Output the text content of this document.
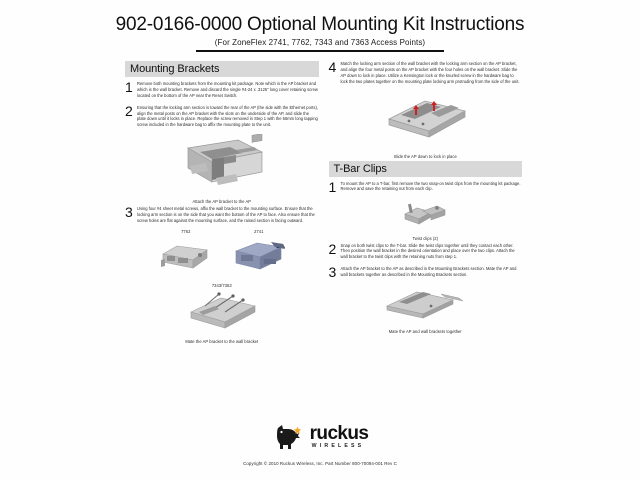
902-0166-0000 Optional Mounting Kit Instructions
(For ZoneFlex 2741, 7762, 7343 and 7363 Access Points)
Mounting Brackets
1	Remove both mounting brackets from the mounting kit package. Note which is the AP bracket and which is the wall bracket. Remove and discard the single #4-24 x .3125" long cover retaining screw located on the bottom of the AP near the Reset Switch.
2	Ensuring that the locking arm section is toward the rear of the AP (the side with the Ethernet ports), align the metal posts on the AP bracket with the slots on the underside of the AP, and slide the plate down until it locks in place. Replace the screw removed in Step 1 with the 56mm long tapping screw included in the hardware bag to affix the mounting plate to the unit.
Attach the AP bracket to the AP
3	Using four #4 sheet metal screws, affix the wall bracket to the mounting surface. Ensure that the locking arm section is on the side that you want the bottom of the AP to face. Also ensure that the screw holes are flat against the mounting surface, and the raised section is facing outward.
7762	2741
7343/7363
Mate the AP bracket to the wall bracket
4	Match the locking arm section of the wall bracket with the locking arm section on the AP bracket, and align the four metal posts on the AP bracket with the four holes on the wall bracket. Slide the AP down to lock in place. Utilize a Kensington lock or the knurled screw in the hardware bag to lock the two plates together on the mounting plate locking arm protruding from the side of the unit.
Slide the AP down to lock in place
T-Bar Clips
1	To mount the AP to a T-bar, first remove the two snap-on twist clips from the mounting kit package. Remove and save the retaining nut from each clip.
Twist clips (2)
2	Snap on both twist clips to the T-bar. Slide the twist clips together until they contact each other. Then position the wall bracket in the desired orientation and place over the two clips. Attach the wall bracket to the twist clips with the retaining nuts from step 1.
3	Attach the AP bracket to the AP as described in the Mounting Brackets section. Mate the AP and wall brackets together as described in the Mounting Brackets section.
Mate the AP and wall brackets together
ruckus
WIRELESS
Copyright © 2010 Ruckus Wireless, Inc. Part Number 800-70094-001 Rev C
